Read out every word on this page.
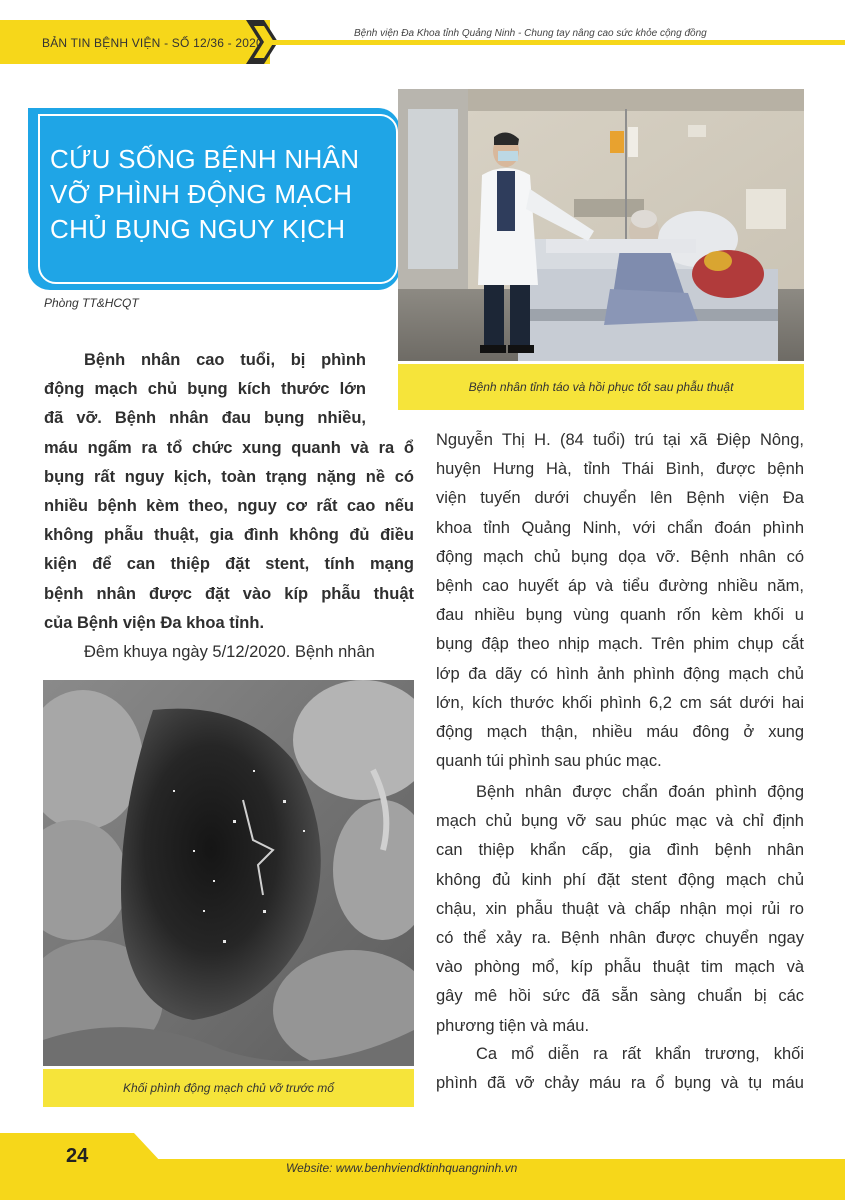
BẢN TIN BỆNH VIỆN - SỐ 12/36 - 2020
Bệnh viện Đa Khoa tỉnh Quảng Ninh - Chung tay nâng cao sức khỏe cộng đồng
CỨU SỐNG BỆNH NHÂN
VỠ PHÌNH ĐỘNG MẠCH
CHỦ BỤNG NGUY KỊCH
Phòng TT&HCQT
Bệnh nhân tỉnh táo và hồi phục tốt sau phẫu thuật
Bệnh nhân cao tuổi, bị phình
động mạch chủ bụng kích thước lớn
đã vỡ. Bệnh nhân đau bụng nhiều,
máu ngấm ra tổ chức xung quanh và ra ổ
bụng rất nguy kịch, toàn trạng nặng nề có
nhiều bệnh kèm theo, nguy cơ rất cao nếu
không phẫu thuật, gia đình không đủ điều
kiện để can thiệp đặt stent, tính mạng
bệnh nhân được đặt vào kíp phẫu thuật
của Bệnh viện Đa khoa tỉnh.
Đêm khuya ngày 5/12/2020. Bệnh nhân
Khối phình động mạch chủ vỡ trước mổ
Nguyễn Thị H. (84 tuổi) trú tại xã Điệp Nông,
huyện Hưng Hà, tỉnh Thái Bình, được bệnh
viện tuyến dưới chuyển lên Bệnh viện Đa
khoa tỉnh Quảng Ninh, với chẩn đoán phình
động mạch chủ bụng dọa vỡ. Bệnh nhân có
bệnh cao huyết áp và tiểu đường nhiều năm,
đau nhiều bụng vùng quanh rốn kèm khối u
bụng đập theo nhịp mạch. Trên phim chụp cắt
lớp đa dãy có hình ảnh phình động mạch chủ
lớn, kích thước khối phình 6,2 cm sát dưới hai
động mạch thận, nhiều máu đông ở xung
quanh túi phình sau phúc mạc.
Bệnh nhân được chẩn đoán phình động
mạch chủ bụng vỡ sau phúc mạc và chỉ định
can thiệp khẩn cấp, gia đình bệnh nhân
không đủ kinh phí đặt stent động mạch chủ
chậu, xin phẫu thuật và chấp nhận mọi rủi ro
có thể xảy ra. Bệnh nhân được chuyển ngay
vào phòng mổ, kíp phẫu thuật tim mạch và
gây mê hồi sức đã sẵn sàng chuẩn bị các
phương tiện và máu.
Ca mổ diễn ra rất khẩn trương, khối
phình đã vỡ chảy máu ra ổ bụng và tụ máu
24
Website: www.benhviendktinhquangninh.vn
